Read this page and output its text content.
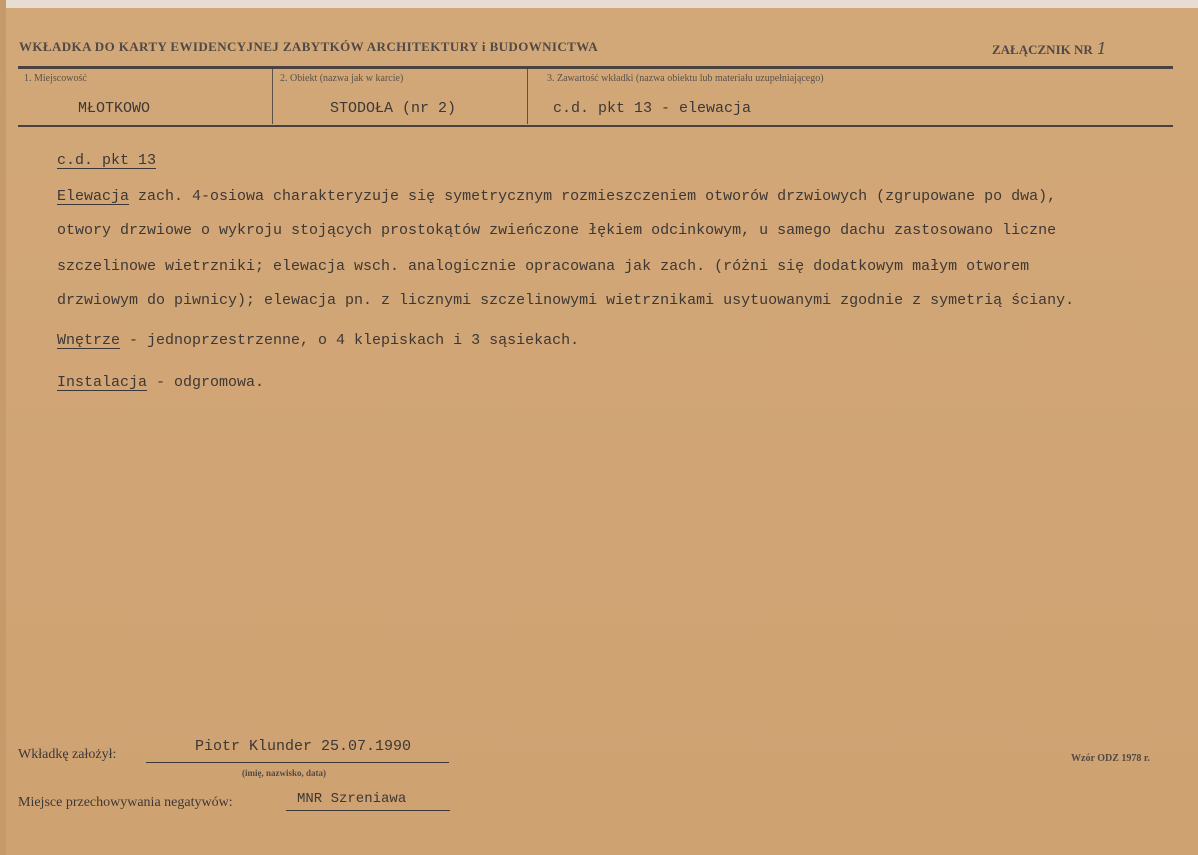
WKŁADKA DO KARTY EWIDENCYJNEJ ZABYTKÓW ARCHITEKTURY i BUDOWNICTWA	ZAŁĄCZNIK NR 1
1. Miejscowość	2. Obiekt (nazwa jak w karcie)	3. Zawartość wkładki (nazwa obiektu lub materiału uzupełniającego)
MŁOTKOWO	STODOŁA (nr 2)	c.d. pkt 13 - elewacja
c.d. pkt 13
Elewacja zach. 4-osiowa charakteryzuje się symetrycznym rozmieszczeniem otworów drzwiowych (zgrupowane po dwa),
otwory drzwiowe o wykroju stojących prostokątów zwieńczone łękiem odcinkowym, u samego dachu zastosowano liczne
szczelinowe wietrzniki; elewacja wsch. analogicznie opracowana jak zach. (różni się dodatkowym małym otworem
drzwiowym do piwnicy); elewacja pn. z licznymi szczelinowymi wietrznikami usytuowanymi zgodnie z symetrią ściany.
Wnętrze - jednoprzestrzenne, o 4 klepiskach i 3 sąsiekach.
Instalacja - odgromowa.
Wkładkę założył:	Piotr Klunder 25.07.1990
(imię, nazwisko, data)
Miejsce przechowywania negatywów:	MNR Szreniawa
Wzór ODZ 1978 r.
